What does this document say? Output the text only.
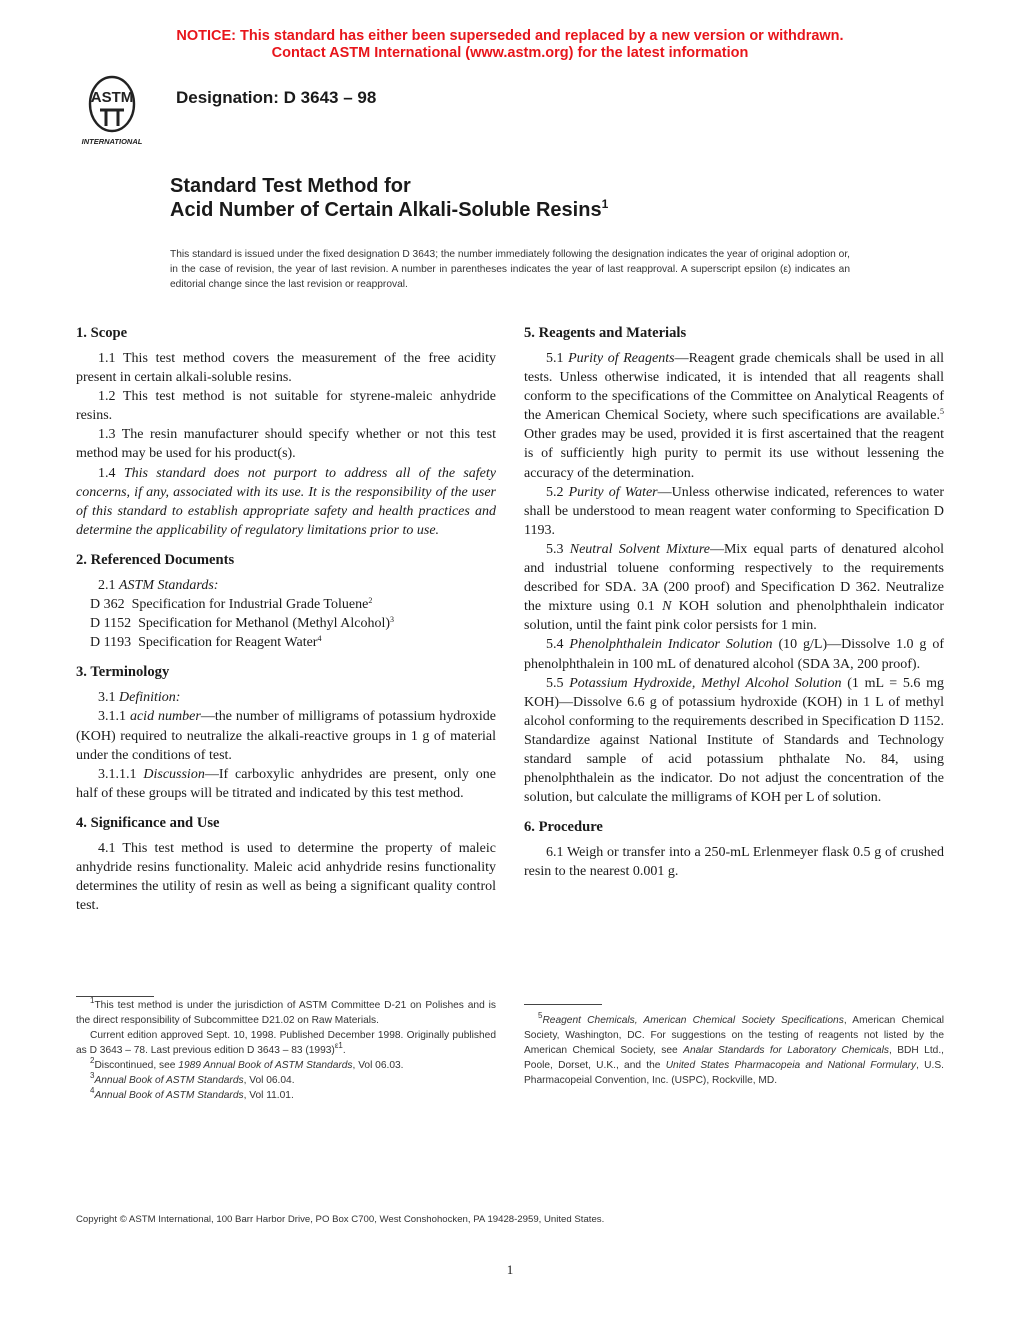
NOTICE: This standard has either been superseded and replaced by a new version or withdrawn.
Contact ASTM International (www.astm.org) for the latest information
ASTM
INTERNATIONAL
Designation: D 3643 – 98
Standard Test Method for
Acid Number of Certain Alkali-Soluble Resins$^1$
This standard is issued under the fixed designation D 3643; the number immediately following the designation indicates the year of original adoption or, in the case of revision, the year of last revision. A number in parentheses indicates the year of last reapproval. A superscript epsilon (ε) indicates an editorial change since the last revision or reapproval.
1. Scope

1.1 This test method covers the measurement of the free acidity present in certain alkali-soluble resins.

1.2 This test method is not suitable for styrene-maleic anhydride resins.

1.3 The resin manufacturer should specify whether or not this test method may be used for his product(s).

1.4 This standard does not purport to address all of the safety concerns, if any, associated with its use. It is the responsibility of the user of this standard to establish appropriate safety and health practices and determine the applicability of regulatory limitations prior to use.

2. Referenced Documents

2.1 ASTM Standards:

D 362 Specification for Industrial Grade Toluene$^2$

D 1152 Specification for Methanol (Methyl Alcohol)$^3$

D 1193 Specification for Reagent Water$^4$

3. Terminology

3.1 Definition:

3.1.1 acid number—the number of milligrams of potassium hydroxide (KOH) required to neutralize the alkali-reactive groups in 1 g of material under the conditions of test.

3.1.1.1 Discussion—If carboxylic anhydrides are present, only one half of these groups will be titrated and indicated by this test method.

4. Significance and Use

4.1 This test method is used to determine the property of maleic anhydride resins functionality. Maleic acid anhydride resins functionality determines the utility of resin as well as being a significant quality control test.

$^1$This test method is under the jurisdiction of ASTM Committee D-21 on Polishes and is the direct responsibility of Subcommittee D21.02 on Raw Materials.

Current edition approved Sept. 10, 1998. Published December 1998. Originally published as D 3643 – 78. Last previous edition D 3643 – 83 $(1993)^{\varepsilon 1}$.

$^2$Discontinued, see 1989 Annual Book of ASTM Standards, Vol 06.03.

$^3$Annual Book of ASTM Standards, Vol 06.04.

$^4$Annual Book of ASTM Standards, Vol 11.01.

5. Reagents and Materials

5.1 Purity of Reagents—Reagent grade chemicals shall be used in all tests. Unless otherwise indicated, it is intended that all reagents shall conform to the specifications of the Committee on Analytical Reagents of the American Chemical Society, where such specifications are available.$^5$ Other grades may be used, provided it is first ascertained that the reagent is of sufficiently high purity to permit its use without lessening the accuracy of the determination.

5.2 Purity of Water—Unless otherwise indicated, references to water shall be understood to mean reagent water conforming to Specification D 1193.

5.3 Neutral Solvent Mixture—Mix equal parts of denatured alcohol and industrial toluene conforming respectively to the requirements described for SDA. 3A (200 proof) and Specification D 362. Neutralize the mixture using 0.1 N KOH solution and phenolphthalein indicator solution, until the faint pink color persists for 1 min.

5.4 Phenolphthalein Indicator Solution (10 g/L)—Dissolve 1.0 g of phenolphthalein in 100 mL of denatured alcohol (SDA 3A, 200 proof).

5.5 Potassium Hydroxide, Methyl Alcohol Solution (1 mL = 5.6 mg KOH)—Dissolve 6.6 g of potassium hydroxide (KOH) in 1 L of methyl alcohol conforming to the requirements described in Specification D 1152. Standardize against National Institute of Standards and Technology standard sample of acid potassium phthalate No. 84, using phenolphthalein as the indicator. Do not adjust the concentration of the solution, but calculate the milligrams of KOH per L of solution.

6. Procedure

6.1 Weigh or transfer into a 250-mL Erlenmeyer flask 0.5 g of crushed resin to the nearest 0.001 g.

$^5$Reagent Chemicals, American Chemical Society Specifications, American Chemical Society, Washington, DC. For suggestions on the testing of reagents not listed by the American Chemical Society, see Analar Standards for Laboratory Chemicals, BDH Ltd., Poole, Dorset, U.K., and the United States Pharmacopeia and National Formulary, U.S. Pharmacopeial Convention, Inc. (USPC), Rockville, MD.

Copyright © ASTM International, 100 Barr Harbor Drive, PO Box C700, West Conshohocken, PA 19428-2959, United States.
1
